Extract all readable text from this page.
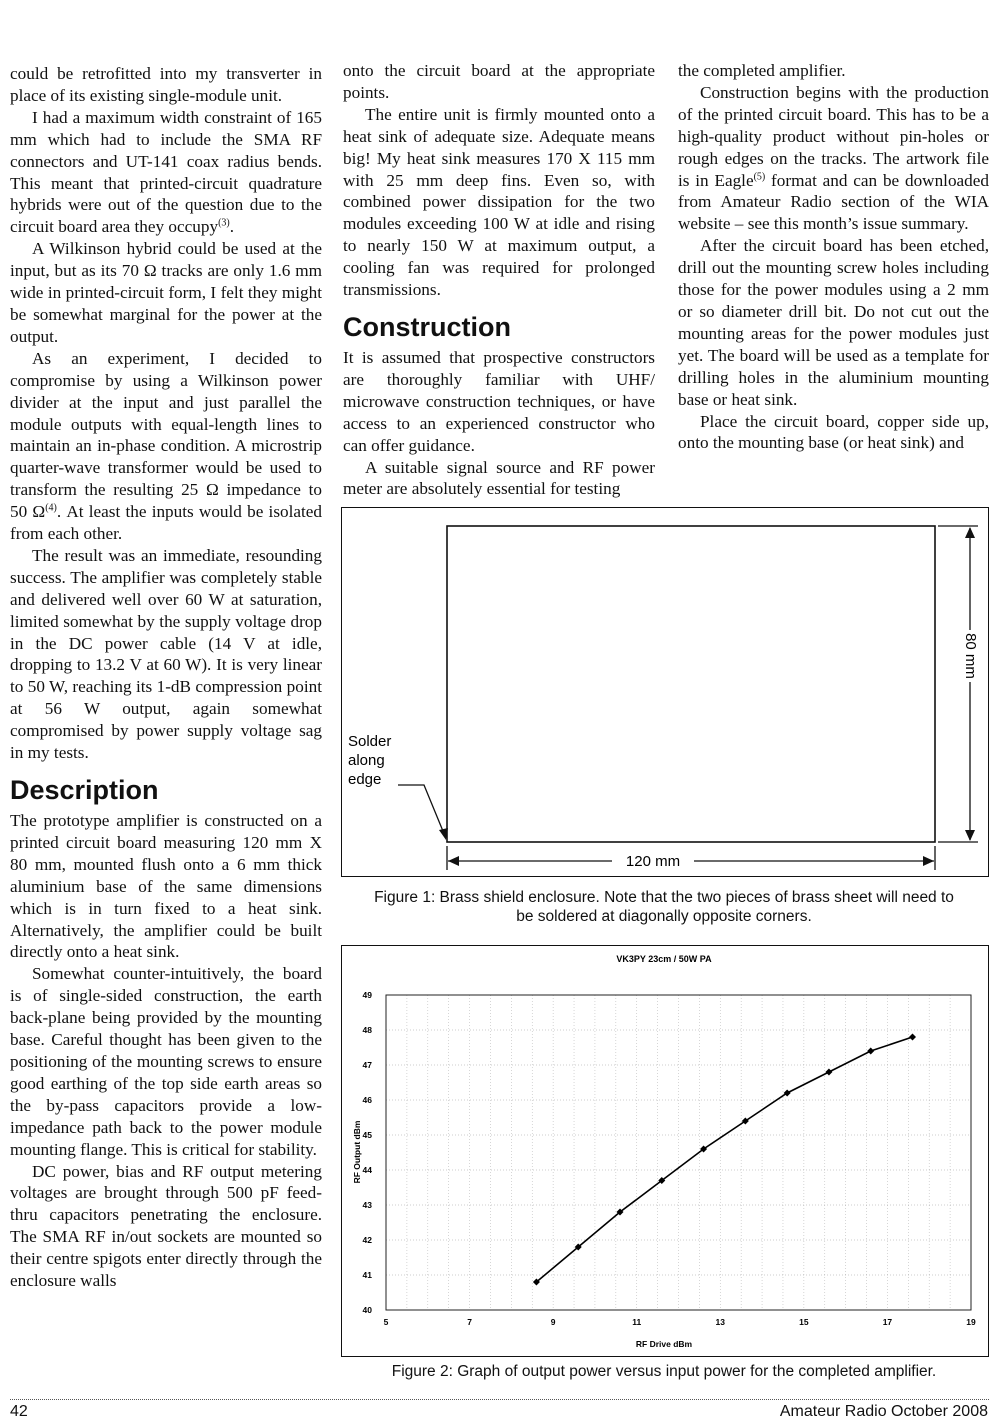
could be retrofitted into my transverter in place of its existing single-module unit.

I had a maximum width constraint of 165 mm which had to include the SMA RF connectors and UT-141 coax radius bends. This meant that printed-circuit quadrature hybrids were out of the question due to the circuit board area they occupy$^{(3)}$.

A Wilkinson hybrid could be used at the input, but as its 70 Ω tracks are only 1.6 mm wide in printed-circuit form, I felt they might be somewhat marginal for the power at the output.

As an experiment, I decided to compromise by using a Wilkinson power divider at the input and just parallel the module outputs with equal-length lines to maintain an in-phase condition. A microstrip quarter-wave transformer would be used to transform the resulting 25 Ω impedance to 50 $\Omega^{(4)}$. At least the inputs would be isolated from each other.

The result was an immediate, resounding success. The amplifier was completely stable and delivered well over 60 W at saturation, limited somewhat by the supply voltage drop in the DC power cable (14 V at idle, dropping to 13.2 V at 60 W). It is very linear to 50 W, reaching its 1-dB compression point at 56 W output, again somewhat compromised by power supply voltage sag in my tests.

Description

The prototype amplifier is constructed on a printed circuit board measuring 120 mm X 80 mm, mounted flush onto a 6 mm thick aluminium base of the same dimensions which is in turn fixed to a heat sink. Alternatively, the amplifier could be built directly onto a heat sink.

Somewhat counter-intuitively, the board is of single-sided construction, the earth back-plane being provided by the mounting base. Careful thought has been given to the positioning of the mounting screws to ensure good earthing of the top side earth areas so the by-pass capacitors provide a low-impedance path back to the power module mounting flange. This is critical for stability.

DC power, bias and RF output metering voltages are brought through 500 pF feed-thru capacitors penetrating the enclosure. The SMA RF in/out sockets are mounted so their centre spigots enter directly through the enclosure walls

onto the circuit board at the appropriate points.

The entire unit is firmly mounted onto a heat sink of adequate size. Adequate means big! My heat sink measures 170 X 115 mm with 25 mm deep fins. Even so, with combined power dissipation for the two modules exceeding 100 W at idle and rising to nearly 150 W at maximum output, a cooling fan was required for prolonged transmissions.

Construction

It is assumed that prospective constructors are thoroughly familiar with UHF/ microwave construction techniques, or have access to an experienced constructor who can offer guidance.

A suitable signal source and RF power meter are absolutely essential for testing

the completed amplifier.

Construction begins with the production of the printed circuit board. This has to be a high-quality product without pin-holes or rough edges on the tracks. The artwork file is in Eagle$^{(5)}$ format and can be downloaded from Amateur Radio section of the WIA website – see this month’s issue summary.

After the circuit board has been etched, drill out the mounting screw holes including those for the power modules using a 2 mm or so diameter drill bit. Do not cut out the mounting areas for the power modules just yet. The board will be used as a template for drilling holes in the aluminium mounting base or heat sink.

Place the circuit board, copper side up, onto the mounting base (or heat sink) and

80 mm
120 mm
Solder
along
edge
Figure 1: Brass shield enclosure. Note that the two pieces of brass sheet will need to
be soldered at diagonally opposite corners.
VK3PY 23cm / 50W PA
5	7	9	11	13	15	17	19
40
41
42
43
44
45
46
47
48
49
RF Drive dBm
RF Output dBm
Figure 2: Graph of output power versus input power for the completed amplifier.
42	Amateur Radio October 2008
